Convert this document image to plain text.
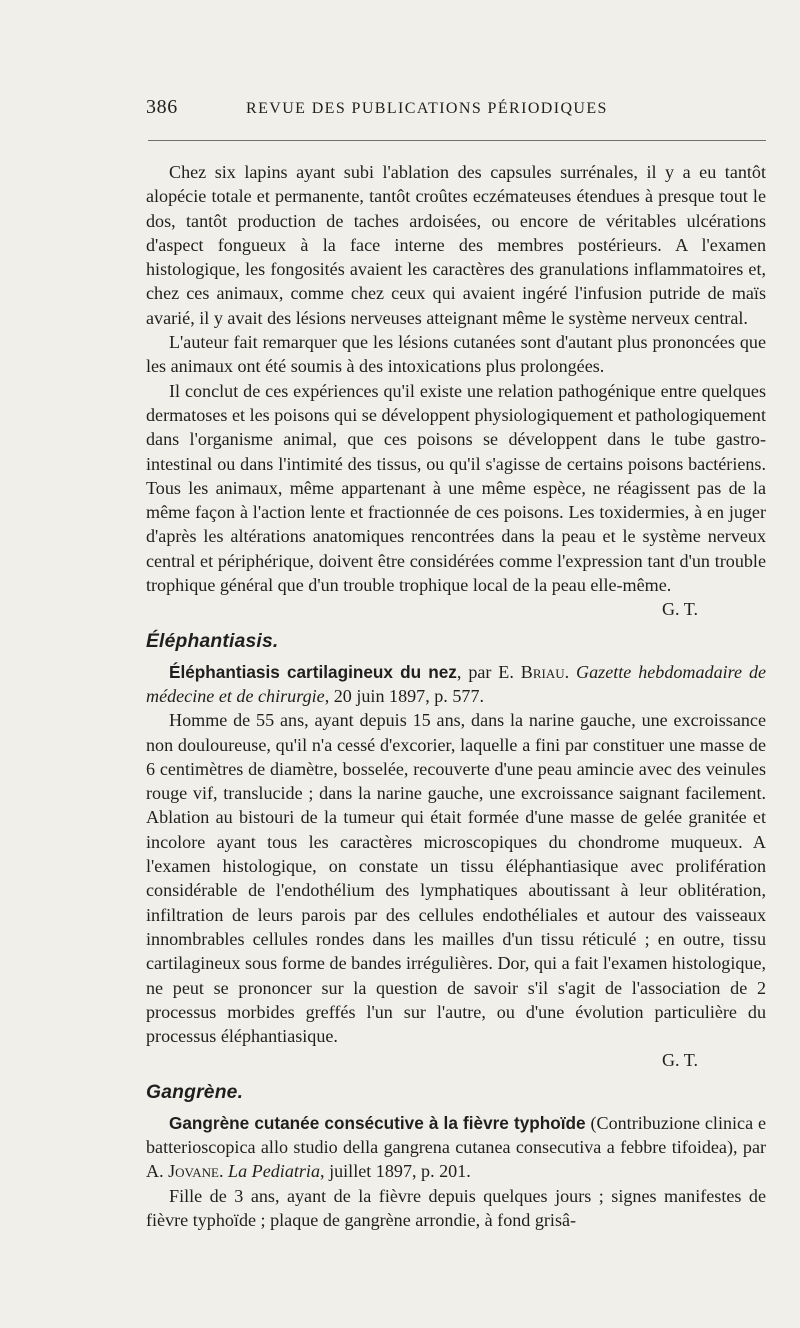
386	REVUE DES PUBLICATIONS PÉRIODIQUES

Chez six lapins ayant subi l'ablation des capsules surrénales, il y a eu tantôt alopécie totale et permanente, tantôt croûtes eczémateuses étendues à presque tout le dos, tantôt production de taches ardoisées, ou encore de véritables ulcérations d'aspect fongueux à la face interne des membres postérieurs. A l'examen histologique, les fongosités avaient les caractères des granulations inflammatoires et, chez ces animaux, comme chez ceux qui avaient ingéré l'infusion putride de maïs avarié, il y avait des lésions nerveuses atteignant même le système nerveux central.

L'auteur fait remarquer que les lésions cutanées sont d'autant plus prononcées que les animaux ont été soumis à des intoxications plus prolongées.

Il conclut de ces expériences qu'il existe une relation pathogénique entre quelques dermatoses et les poisons qui se développent physiologiquement et pathologiquement dans l'organisme animal, que ces poisons se développent dans le tube gastro-intestinal ou dans l'intimité des tissus, ou qu'il s'agisse de certains poisons bactériens. Tous les animaux, même appartenant à une même espèce, ne réagissent pas de la même façon à l'action lente et fractionnée de ces poisons. Les toxidermies, à en juger d'après les altérations anatomiques rencontrées dans la peau et le système nerveux central et périphérique, doivent être considérées comme l'expression tant d'un trouble trophique général que d'un trouble trophique local de la peau elle-même.

G. T.

Éléphantiasis.

Éléphantiasis cartilagineux du nez, par E. Briau. Gazette hebdomadaire de médecine et de chirurgie, 20 juin 1897, p. 577.

Homme de 55 ans, ayant depuis 15 ans, dans la narine gauche, une excroissance non douloureuse, qu'il n'a cessé d'excorier, laquelle a fini par constituer une masse de 6 centimètres de diamètre, bosselée, recouverte d'une peau amincie avec des veinules rouge vif, translucide ; dans la narine gauche, une excroissance saignant facilement. Ablation au bistouri de la tumeur qui était formée d'une masse de gelée granitée et incolore ayant tous les caractères microscopiques du chondrome muqueux. A l'examen histologique, on constate un tissu éléphantiasique avec prolifération considérable de l'endothélium des lymphatiques aboutissant à leur oblitération, infiltration de leurs parois par des cellules endothéliales et autour des vaisseaux innombrables cellules rondes dans les mailles d'un tissu réticulé ; en outre, tissu cartilagineux sous forme de bandes irrégulières. Dor, qui a fait l'examen histologique, ne peut se prononcer sur la question de savoir s'il s'agit de l'association de 2 processus morbides greffés l'un sur l'autre, ou d'une évolution particulière du processus éléphantiasique.

G. T.

Gangrène.

Gangrène cutanée consécutive à la fièvre typhoïde (Contribuzione clinica e batterioscopica allo studio della gangrena cutanea consecutiva a febbre tifoidea), par A. Jovane. La Pediatria, juillet 1897, p. 201.

Fille de 3 ans, ayant de la fièvre depuis quelques jours ; signes manifestes de fièvre typhoïde ; plaque de gangrène arrondie, à fond grisâ-
